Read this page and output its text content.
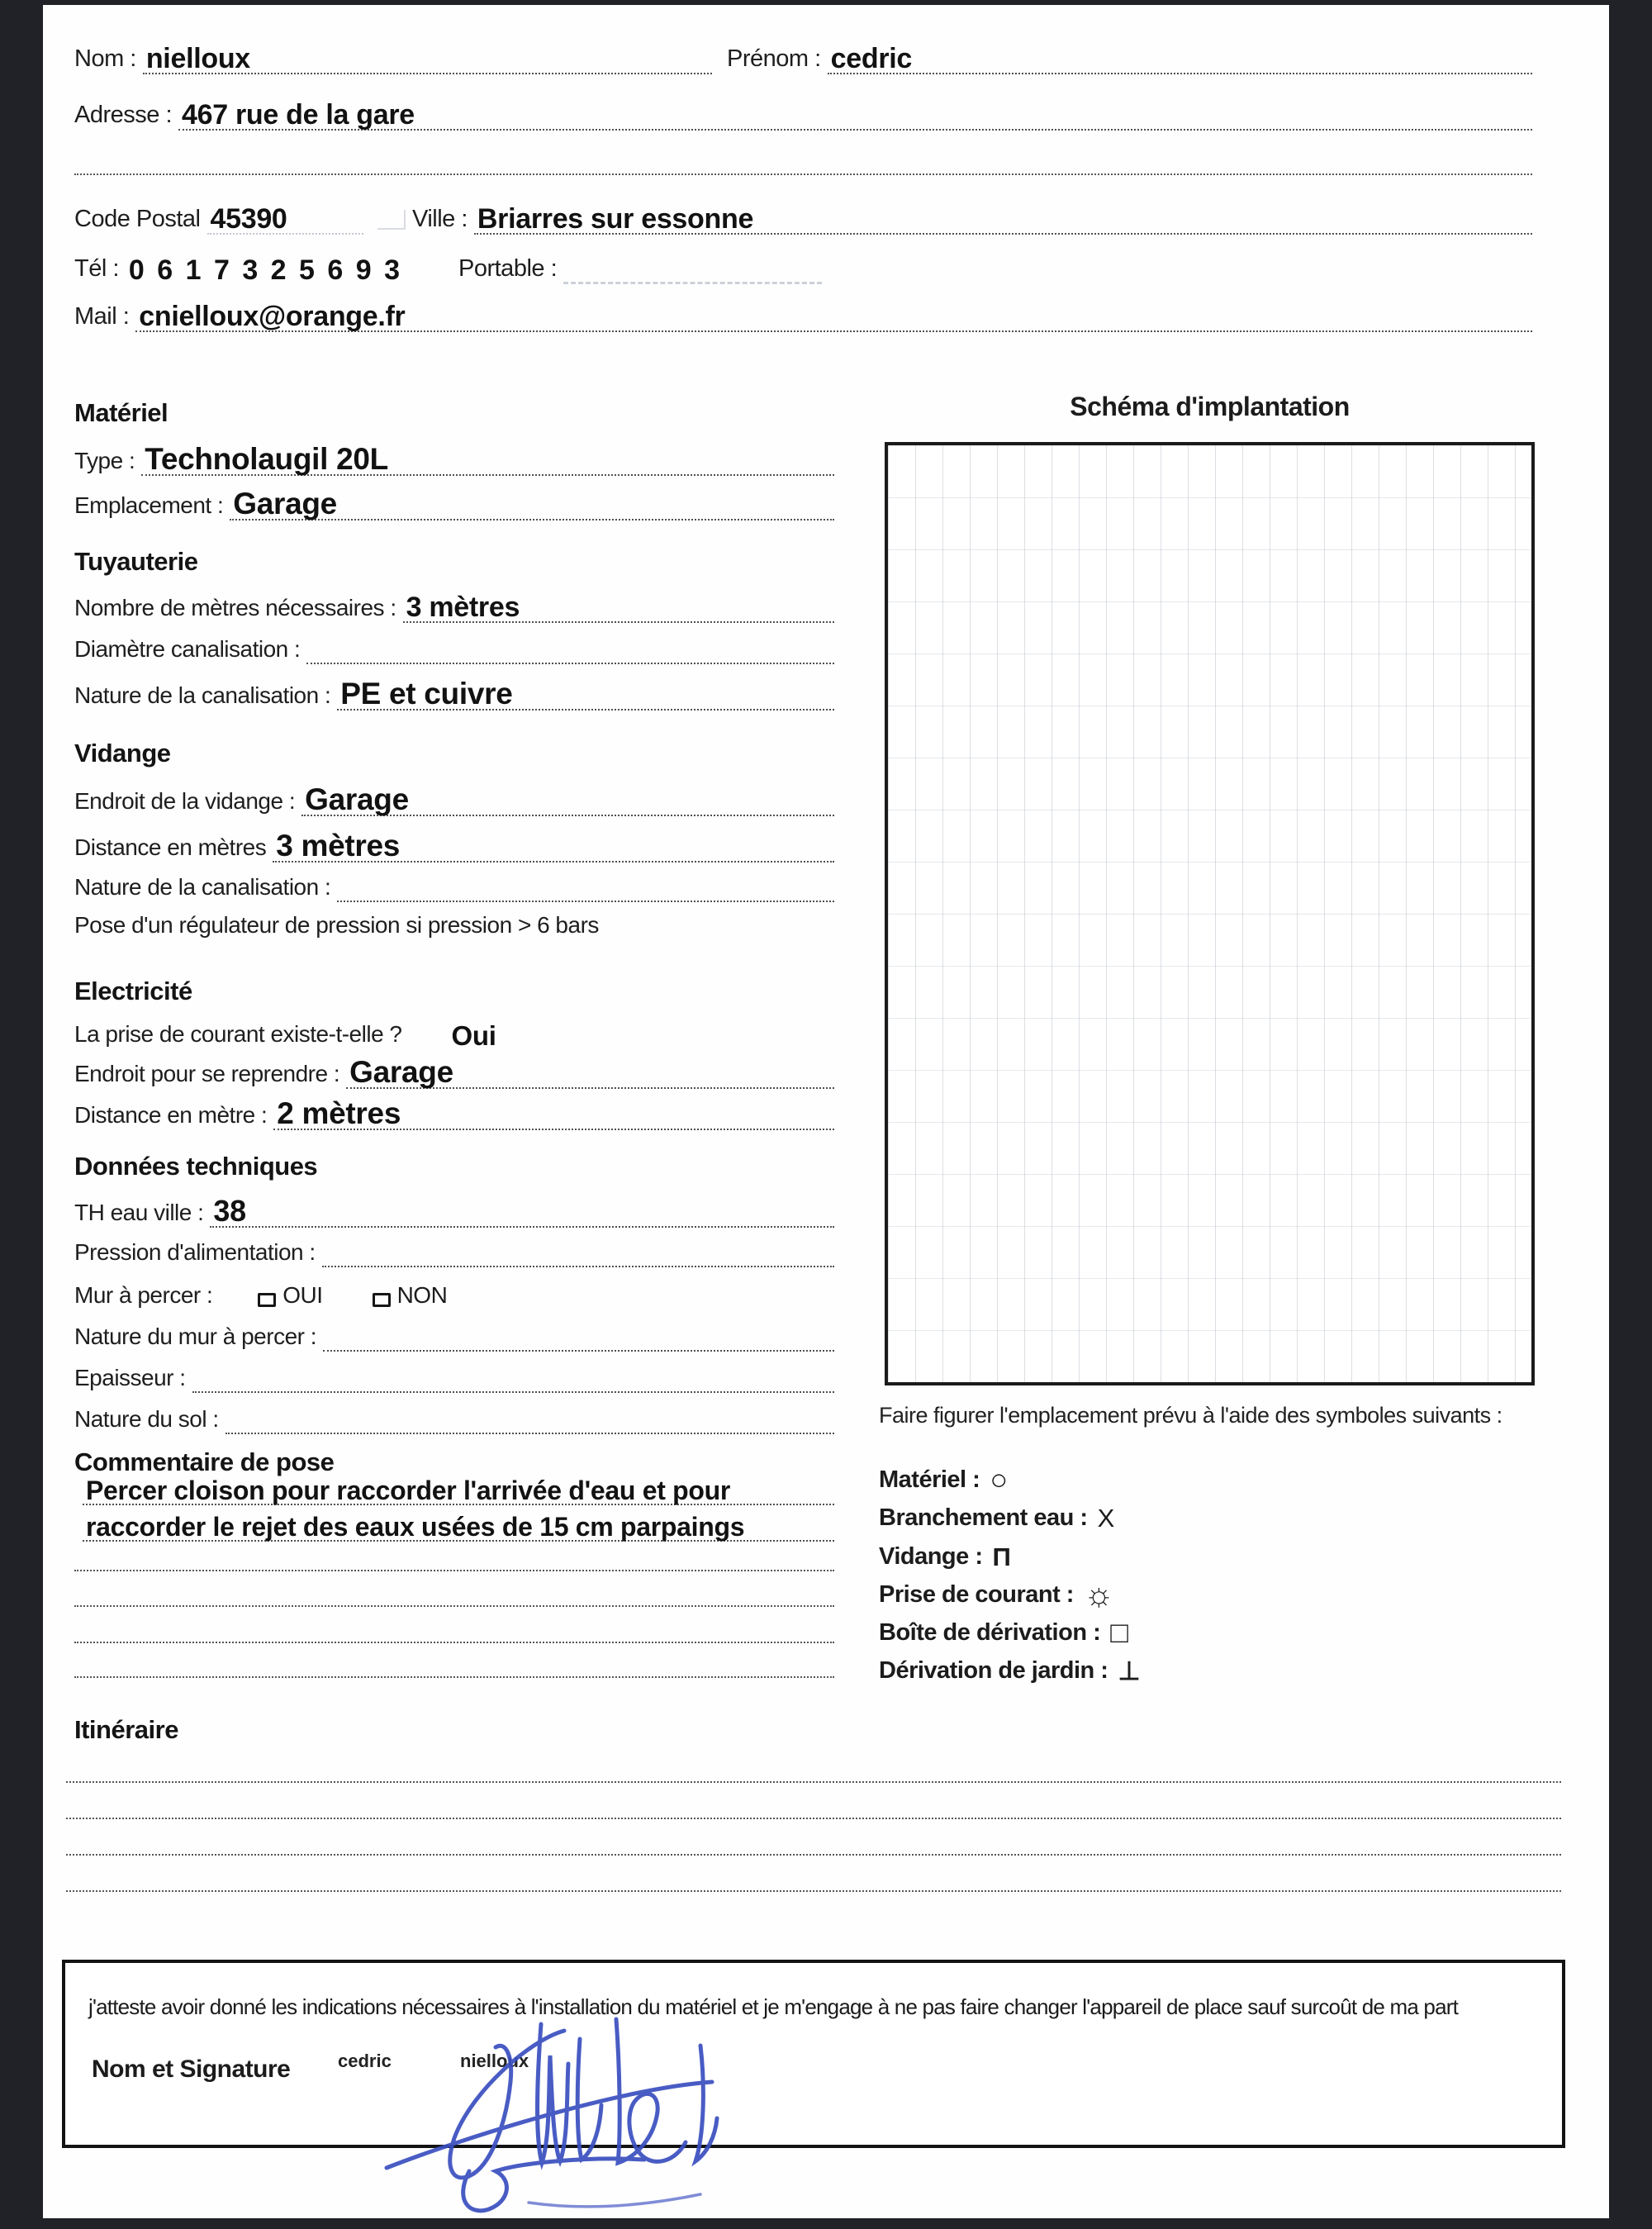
Nom : nielloux	Prénom : cedric
Adresse : 467 rue de la gare
Code Postal 45390	Ville : Briarres sur essonne
Tél : 0 6 1 7 3 2 5 6 9 3 Portable :
Mail : cnielloux@orange.fr
Matériel
Type : Technolaugil 20L
Emplacement : Garage
Tuyauterie
Nombre de mètres nécessaires : 3 mètres
Diamètre canalisation :
Nature de la canalisation : PE et cuivre
Vidange
Endroit de la vidange : Garage
Distance en mètres 3 mètres
Nature de la canalisation :
Pose d'un régulateur de pression si pression > 6 bars
Electricité
La prise de courant existe-t-elle ? Oui
Endroit pour se reprendre : Garage
Distance en mètre : 2 mètres
Données techniques
TH eau ville : 38
Pression d'alimentation :
Mur à percer :	OUI	NON
Nature du mur à percer :
Epaisseur :
Nature du sol :
Commentaire de pose
Percer cloison pour raccorder l'arrivée d'eau et pour
raccorder le rejet des eaux usées de 15 cm parpaings
Schéma d'implantation
Faire figurer l'emplacement prévu à l'aide des symboles suivants :
Matériel : ○
Branchement eau : X
Vidange : Π
Prise de courant : ☼
Boîte de dérivation : □
Dérivation de jardin : ⊥
Itinéraire
j'atteste avoir donné les indications nécessaires à l'installation du matériel et je m'engage à ne pas faire changer l'appareil de place sauf surcoût de ma part
Nom et Signature	cedric	nielloux
